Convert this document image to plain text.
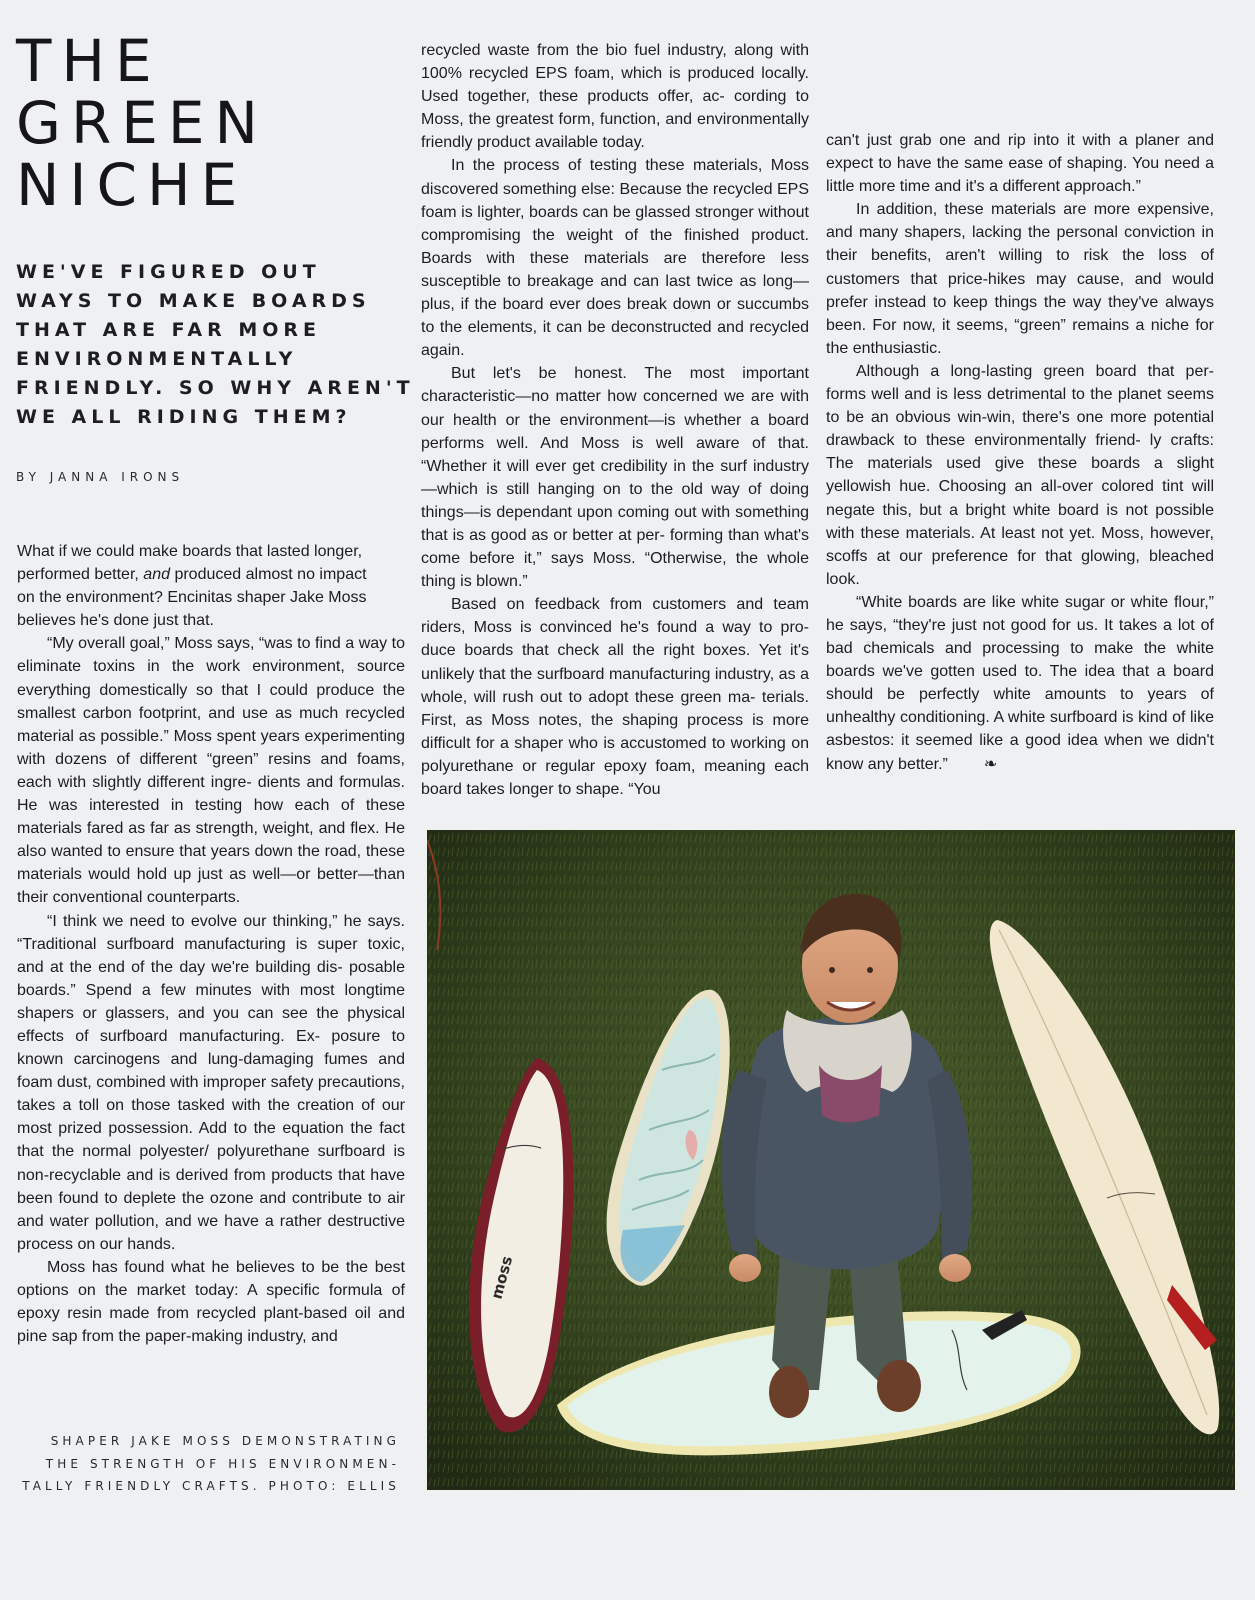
THE
GREEN
NICHE
WE'VE FIGURED OUT
WAYS TO MAKE BOARDS
THAT ARE FAR MORE
ENVIRONMENTALLY
FRIENDLY. SO WHY AREN'T
WE ALL RIDING THEM?
BY JANNA IRONS

What if we could make boards that lasted longer,
performed better, and produced almost no impact
on the environment? Encinitas shaper Jake Moss
believes he's done just that.

“My overall goal,” Moss says, “was to find a way to eliminate toxins in the work environment, source everything domestically so that I could produce the smallest carbon footprint, and use as much recycled material as possible.” Moss spent years experimenting with dozens of different “green” resins and foams, each with slightly different ingre- dients and formulas. He was interested in testing how each of these materials fared as far as strength, weight, and flex. He also wanted to ensure that years down the road, these materials would hold up just as well—or better—than their conventional counterparts.

“I think we need to evolve our thinking,” he says. “Traditional surfboard manufacturing is super toxic, and at the end of the day we're building dis- posable boards.” Spend a few minutes with most longtime shapers or glassers, and you can see the physical effects of surfboard manufacturing. Ex- posure to known carcinogens and lung-damaging fumes and foam dust, combined with improper safety precautions, takes a toll on those tasked with the creation of our most prized possession. Add to the equation the fact that the normal polyester/ polyurethane surfboard is non-recyclable and is derived from products that have been found to deplete the ozone and contribute to air and water pollution, and we have a rather destructive process on our hands.

Moss has found what he believes to be the best options on the market today: A specific formula of epoxy resin made from recycled plant-based oil and pine sap from the paper-making industry, and

recycled waste from the bio fuel industry, along with 100% recycled EPS foam, which is produced locally. Used together, these products offer, ac- cording to Moss, the greatest form, function, and environmentally friendly product available today.

In the process of testing these materials, Moss discovered something else: Because the recycled EPS foam is lighter, boards can be glassed stronger without compromising the weight of the finished product. Boards with these materials are therefore less susceptible to breakage and can last twice as long—plus, if the board ever does break down or succumbs to the elements, it can be deconstructed and recycled again.

But let's be honest. The most important characteristic—no matter how concerned we are with our health or the environment—is whether a board performs well. And Moss is well aware of that. “Whether it will ever get credibility in the surf industry—which is still hanging on to the old way of doing things—is dependant upon coming out with something that is as good as or better at per- forming than what's come before it,” says Moss. “Otherwise, the whole thing is blown.”

Based on feedback from customers and team riders, Moss is convinced he's found a way to pro- duce boards that check all the right boxes. Yet it's unlikely that the surfboard manufacturing industry, as a whole, will rush out to adopt these green ma- terials. First, as Moss notes, the shaping process is more difficult for a shaper who is accustomed to working on polyurethane or regular epoxy foam, meaning each board takes longer to shape. “You

can't just grab one and rip into it with a planer and expect to have the same ease of shaping. You need a little more time and it's a different approach.”

In addition, these materials are more expensive, and many shapers, lacking the personal conviction in their benefits, aren't willing to risk the loss of customers that price-hikes may cause, and would prefer instead to keep things the way they've always been. For now, it seems, “green” remains a niche for the enthusiastic.

Although a long-lasting green board that per- forms well and is less detrimental to the planet seems to be an obvious win-win, there's one more potential drawback to these environmentally friend- ly crafts: The materials used give these boards a slight yellowish hue. Choosing an all-over colored tint will negate this, but a bright white board is not possible with these materials. At least not yet. Moss, however, scoffs at our preference for that glowing, bleached look.

“White boards are like white sugar or white flour,” he says, “they're just not good for us. It takes a lot of bad chemicals and processing to make the white boards we've gotten used to. The idea that a board should be perfectly white amounts to years of unhealthy conditioning. A white surfboard is kind of like asbestos: it seemed like a good idea when we didn't know any better.” ❧

SHAPER JAKE MOSS DEMONSTRATING
THE STRENGTH OF HIS ENVIRONMEN-
TALLY FRIENDLY CRAFTS. PHOTO: ELLIS
moss
